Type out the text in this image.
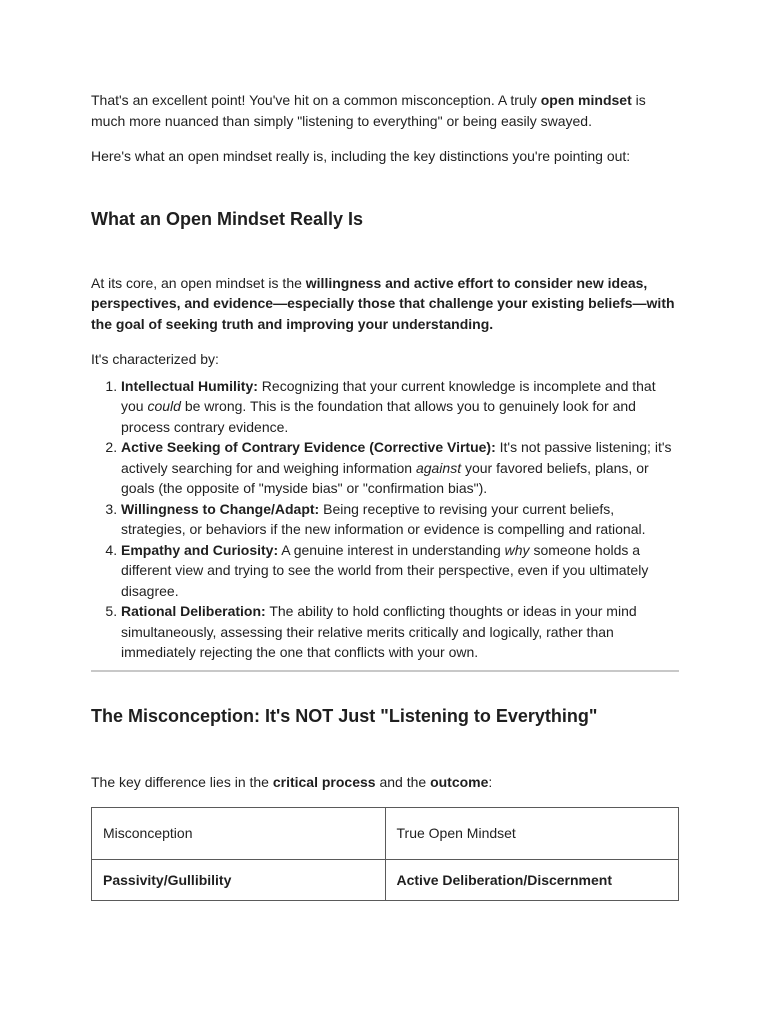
That's an excellent point! You've hit on a common misconception. A truly open mindset is much more nuanced than simply "listening to everything" or being easily swayed.

Here's what an open mindset really is, including the key distinctions you're pointing out:

What an Open Mindset Really Is

At its core, an open mindset is the willingness and active effort to consider new ideas, perspectives, and evidence—especially those that challenge your existing beliefs—with the goal of seeking truth and improving your understanding.

It's characterized by:

1. Intellectual Humility: Recognizing that your current knowledge is incomplete and that you could be wrong. This is the foundation that allows you to genuinely look for and process contrary evidence.
2. Active Seeking of Contrary Evidence (Corrective Virtue): It's not passive listening; it's actively searching for and weighing information against your favored beliefs, plans, or goals (the opposite of "myside bias" or "confirmation bias").
3. Willingness to Change/Adapt: Being receptive to revising your current beliefs, strategies, or behaviors if the new information or evidence is compelling and rational.
4. Empathy and Curiosity: A genuine interest in understanding why someone holds a different view and trying to see the world from their perspective, even if you ultimately disagree.
5. Rational Deliberation: The ability to hold conflicting thoughts or ideas in your mind simultaneously, assessing their relative merits critically and logically, rather than immediately rejecting the one that conflicts with your own.
The Misconception: It's NOT Just "Listening to Everything"

The key difference lies in the critical process and the outcome:

Misconception	True Open Mindset
Passivity/Gullibility	Active Deliberation/Discernment
